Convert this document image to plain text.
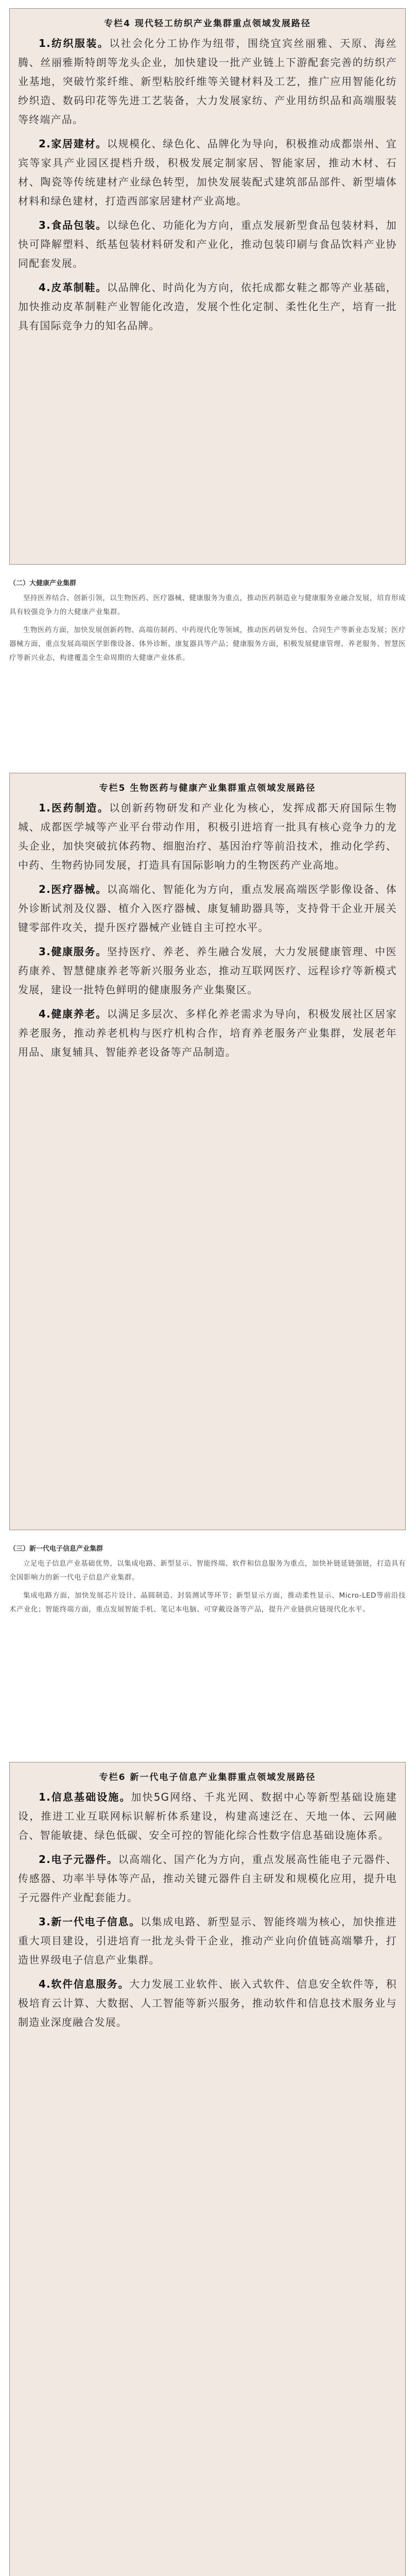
专栏4 现代轻工纺织产业集群重点领域发展路径

1.纺织服装。以社会化分工协作为纽带，围绕宜宾丝丽雅、天原、海丝腾、丝丽雅斯特朗等龙头企业，加快建设一批产业链上下游配套完善的纺织产业基地，突破竹浆纤维、新型粘胶纤维等关键材料及工艺，推广应用智能化纺纱织造、数码印花等先进工艺装备，大力发展家纺、产业用纺织品和高端服装等终端产品。

2.家居建材。以规模化、绿色化、品牌化为导向，积极推动成都崇州、宜宾等家具产业园区提档升级，积极发展定制家居、智能家居，推动木材、石材、陶瓷等传统建材产业绿色转型，加快发展装配式建筑部品部件、新型墙体材料和绿色建材，打造西部家居建材产业高地。

3.食品包装。以绿色化、功能化为方向，重点发展新型食品包装材料，加快可降解塑料、纸基包装材料研发和产业化，推动包装印刷与食品饮料产业协同配套发展。

4.皮革制鞋。以品牌化、时尚化为方向，依托成都女鞋之都等产业基础，加快推动皮革制鞋产业智能化改造，发展个性化定制、柔性化生产，培育一批具有国际竞争力的知名品牌。

（二）大健康产业集群

坚持医养结合、创新引领，以生物医药、医疗器械、健康服务为重点，推动医药制造业与健康服务业融合发展，培育形成具有较强竞争力的大健康产业集群。

生物医药方面，加快发展创新药物、高端仿制药、中药现代化等领域，推动医药研发外包、合同生产等新业态发展；医疗器械方面，重点发展高端医学影像设备、体外诊断、康复器具等产品；健康服务方面，积极发展健康管理、养老服务、智慧医疗等新兴业态，构建覆盖全生命周期的大健康产业体系。

专栏5 生物医药与健康产业集群重点领域发展路径

1.医药制造。以创新药物研发和产业化为核心，发挥成都天府国际生物城、成都医学城等产业平台带动作用，积极引进培育一批具有核心竞争力的龙头企业，加快突破抗体药物、细胞治疗、基因治疗等前沿技术，推动化学药、中药、生物药协同发展，打造具有国际影响力的生物医药产业高地。

2.医疗器械。以高端化、智能化为方向，重点发展高端医学影像设备、体外诊断试剂及仪器、植介入医疗器械、康复辅助器具等，支持骨干企业开展关键零部件攻关，提升医疗器械产业链自主可控水平。

3.健康服务。坚持医疗、养老、养生融合发展，大力发展健康管理、中医药康养、智慧健康养老等新兴服务业态，推动互联网医疗、远程诊疗等新模式发展，建设一批特色鲜明的健康服务产业集聚区。

4.健康养老。以满足多层次、多样化养老需求为导向，积极发展社区居家养老服务，推动养老机构与医疗机构合作，培育养老服务产业集群，发展老年用品、康复辅具、智能养老设备等产品制造。

（三）新一代电子信息产业集群

立足电子信息产业基础优势，以集成电路、新型显示、智能终端、软件和信息服务为重点，加快补链延链强链，打造具有全国影响力的新一代电子信息产业集群。

集成电路方面，加快发展芯片设计、晶圆制造、封装测试等环节；新型显示方面，推动柔性显示、Micro-LED等前沿技术产业化；智能终端方面，重点发展智能手机、笔记本电脑、可穿戴设备等产品，提升产业链供应链现代化水平。

专栏6 新一代电子信息产业集群重点领域发展路径

1.信息基础设施。加快5G网络、千兆光网、数据中心等新型基础设施建设，推进工业互联网标识解析体系建设，构建高速泛在、天地一体、云网融合、智能敏捷、绿色低碳、安全可控的智能化综合性数字信息基础设施体系。

2.电子元器件。以高端化、国产化为方向，重点发展高性能电子元器件、传感器、功率半导体等产品，推动关键元器件自主研发和规模化应用，提升电子元器件产业配套能力。

3.新一代电子信息。以集成电路、新型显示、智能终端为核心，加快推进重大项目建设，引进培育一批龙头骨干企业，推动产业向价值链高端攀升，打造世界级电子信息产业集群。

4.软件信息服务。大力发展工业软件、嵌入式软件、信息安全软件等，积极培育云计算、大数据、人工智能等新兴服务，推动软件和信息技术服务业与制造业深度融合发展。
